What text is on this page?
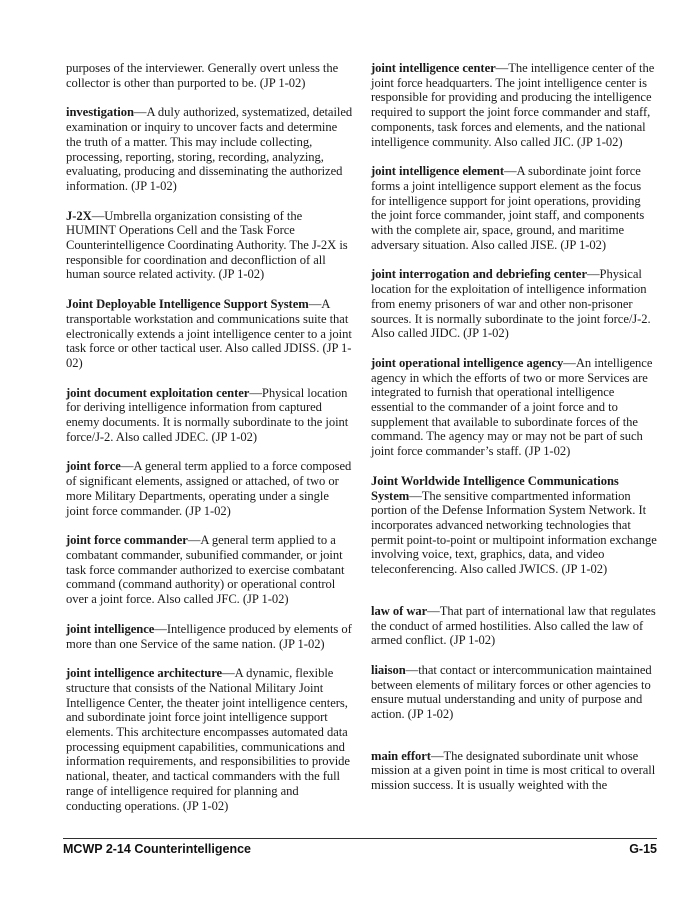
purposes of the interviewer. Generally overt unless the collector is other than purported to be. (JP 1-02)

investigation—A duly authorized, systematized, detailed examination or inquiry to uncover facts and determine the truth of a matter. This may include collecting, processing, reporting, storing, recording, analyzing, evaluating, producing and disseminating the authorized information. (JP 1-02)

J-2X—Umbrella organization consisting of the HUMINT Operations Cell and the Task Force Counterintelligence Coordinating Authority. The J-2X is responsible for coordination and deconfliction of all human source related activity. (JP 1-02)

Joint Deployable Intelligence Support System—A transportable workstation and communications suite that electronically extends a joint intelligence center to a joint task force or other tactical user. Also called JDISS. (JP 1-02)

joint document exploitation center—Physical location for deriving intelligence information from captured enemy documents. It is normally subordinate to the joint force/J-2. Also called JDEC. (JP 1-02)

joint force—A general term applied to a force composed of significant elements, assigned or attached, of two or more Military Departments, operating under a single joint force commander. (JP 1-02)

joint force commander—A general term applied to a combatant commander, subunified commander, or joint task force commander authorized to exercise combatant command (command authority) or operational control over a joint force. Also called JFC. (JP 1-02)

joint intelligence—Intelligence produced by elements of more than one Service of the same nation. (JP 1-02)

joint intelligence architecture—A dynamic, flexible structure that consists of the National Military Joint Intelligence Center, the theater joint intelligence centers, and subordinate joint force joint intelligence support elements. This architecture encompasses automated data processing equipment capabilities, communications and information requirements, and responsibilities to provide national, theater, and tactical commanders with the full range of intelligence required for planning and conducting operations. (JP 1-02)

joint intelligence center—The intelligence center of the joint force headquarters. The joint intelligence center is responsible for providing and producing the intelligence required to support the joint force commander and staff, components, task forces and elements, and the national intelligence community. Also called JIC. (JP 1-02)

joint intelligence element—A subordinate joint force forms a joint intelligence support element as the focus for intelligence support for joint operations, providing the joint force commander, joint staff, and components with the complete air, space, ground, and maritime adversary situation. Also called JISE. (JP 1-02)

joint interrogation and debriefing center—Physical location for the exploitation of intelligence information from enemy prisoners of war and other non-prisoner sources. It is normally subordinate to the joint force/J-2. Also called JIDC. (JP 1-02)

joint operational intelligence agency—An intelligence agency in which the efforts of two or more Services are integrated to furnish that operational intelligence essential to the commander of a joint force and to supplement that available to subordinate forces of the command. The agency may or may not be part of such joint force commander’s staff. (JP 1-02)

Joint Worldwide Intelligence Communications System—The sensitive compartmented information portion of the Defense Information System Network. It incorporates advanced networking technologies that permit point-to-point or multipoint information exchange involving voice, text, graphics, data, and video teleconferencing. Also called JWICS. (JP 1-02)

law of war—That part of international law that regulates the conduct of armed hostilities. Also called the law of armed conflict. (JP 1-02)

liaison—that contact or intercommunication maintained between elements of military forces or other agencies to ensure mutual understanding and unity of purpose and action. (JP 1-02)

main effort—The designated subordinate unit whose mission at a given point in time is most critical to overall mission success. It is usually weighted with the

MCWP 2-14 Counterintelligence	G-15
